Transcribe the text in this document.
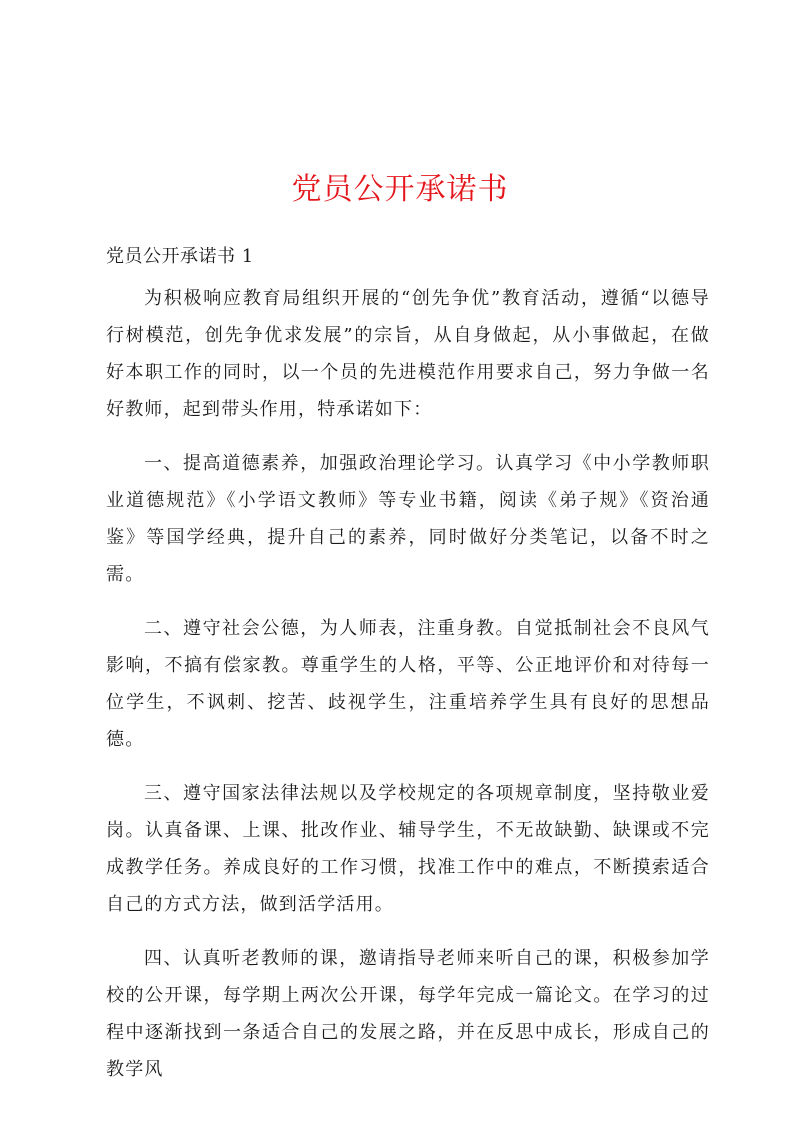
党员公开承诺书
党员公开承诺书 1

为积极响应教育局组织开展的“创先争优”教育活动，遵循“以德导行树模范，创先争优求发展”的宗旨，从自身做起，从小事做起，在做好本职工作的同时，以一个员的先进模范作用要求自己，努力争做一名好教师，起到带头作用，特承诺如下：

一、提高道德素养，加强政治理论学习。认真学习《中小学教师职业道德规范》《小学语文教师》等专业书籍，阅读《弟子规》《资治通鉴》等国学经典，提升自己的素养，同时做好分类笔记，以备不时之需。

二、遵守社会公德，为人师表，注重身教。自觉抵制社会不良风气影响，不搞有偿家教。尊重学生的人格，平等、公正地评价和对待每一位学生，不讽刺、挖苦、歧视学生，注重培养学生具有良好的思想品德。

三、遵守国家法律法规以及学校规定的各项规章制度，坚持敬业爱岗。认真备课、上课、批改作业、辅导学生，不无故缺勤、缺课或不完成教学任务。养成良好的工作习惯，找准工作中的难点，不断摸索适合自己的方式方法，做到活学活用。

四、认真听老教师的课，邀请指导老师来听自己的课，积极参加学校的公开课，每学期上两次公开课，每学年完成一篇论文。在学习的过程中逐渐找到一条适合自己的发展之路，并在反思中成长，形成自己的教学风
